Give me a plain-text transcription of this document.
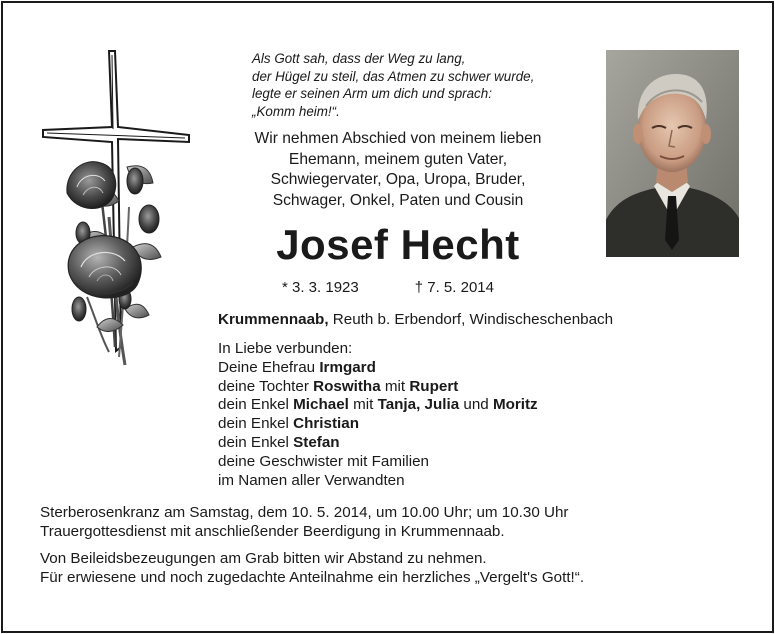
Als Gott sah, dass der Weg zu lang,
der Hügel zu steil, das Atmen zu schwer wurde,
legte er seinen Arm um dich und sprach:
„Komm heim!“.
Wir nehmen Abschied von meinem lieben
Ehemann, meinem guten Vater,
Schwiegervater, Opa, Uropa, Bruder,
Schwager, Onkel, Paten und Cousin
Josef Hecht
* 3. 3. 1923	† 7. 5. 2014
Krummennaab, Reuth b. Erbendorf, Windischeschenbach
In Liebe verbunden:
Deine Ehefrau Irmgard
deine Tochter Roswitha mit Rupert
dein Enkel Michael mit Tanja, Julia und Moritz
dein Enkel Christian
dein Enkel Stefan
deine Geschwister mit Familien
im Namen aller Verwandten
Sterberosenkranz am Samstag, dem 10. 5. 2014, um 10.00 Uhr; um 10.30 Uhr
Trauergottesdienst mit anschließender Beerdigung in Krummennaab.
Von Beileidsbezeugungen am Grab bitten wir Abstand zu nehmen.
Für erwiesene und noch zugedachte Anteilnahme ein herzliches „Vergelt's Gott!“.
